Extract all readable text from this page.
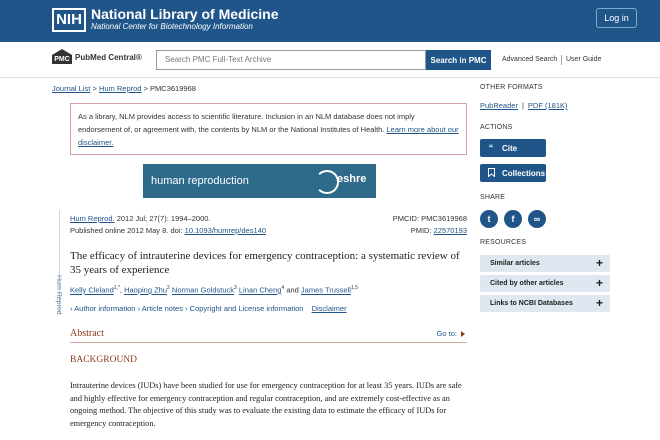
NIH National Library of Medicine
National Center for Biotechnology Information
Log in
PMC PubMed Central®	Search PMC Full-Text Archive	Search in PMC	Advanced Search User Guide
Journal List > Hum Reprod > PMC3619968
As a library, NLM provides access to scientific literature. Inclusion in an NLM database does not imply endorsement of, or agreement with, the contents by NLM or the National Institutes of Health. Learn more about our disclaimer.
human reproduction	eshre
Hum Reprod. 2012 Jul; 27(7): 1994–2000.
Published online 2012 May 8. doi: 10.1093/humrep/des140
PMCID: PMC3619968
PMID: 22570193
Hum Reprod
The efficacy of intrauterine devices for emergency contraception: a systematic review of 35 years of experience
Kelly Cleland$^{1,*}$, Haoping Zhu$^2$ Norman Goldstuck$^3$ Linan Cheng$^4$ and James Trussell$^{1,5}$
› Author information › Article notes › Copyright and License information Disclaimer
Abstract	Go to:
BACKGROUND

Intrauterine devices (IUDs) have been studied for use for emergency contraception for at least 35 years. IUDs are safe and highly effective for emergency contraception and regular contraception, and are extremely cost-effective as an ongoing method. The objective of this study was to evaluate the existing data to estimate the efficacy of IUDs for emergency contraception.

OTHER FORMATS
PubReader | PDF (181K)
ACTIONS
“	Cite
Collections
SHARE
t	f	∞
RESOURCES
Similar articles	+
Cited by other articles	+
Links to NCBI Databases +
